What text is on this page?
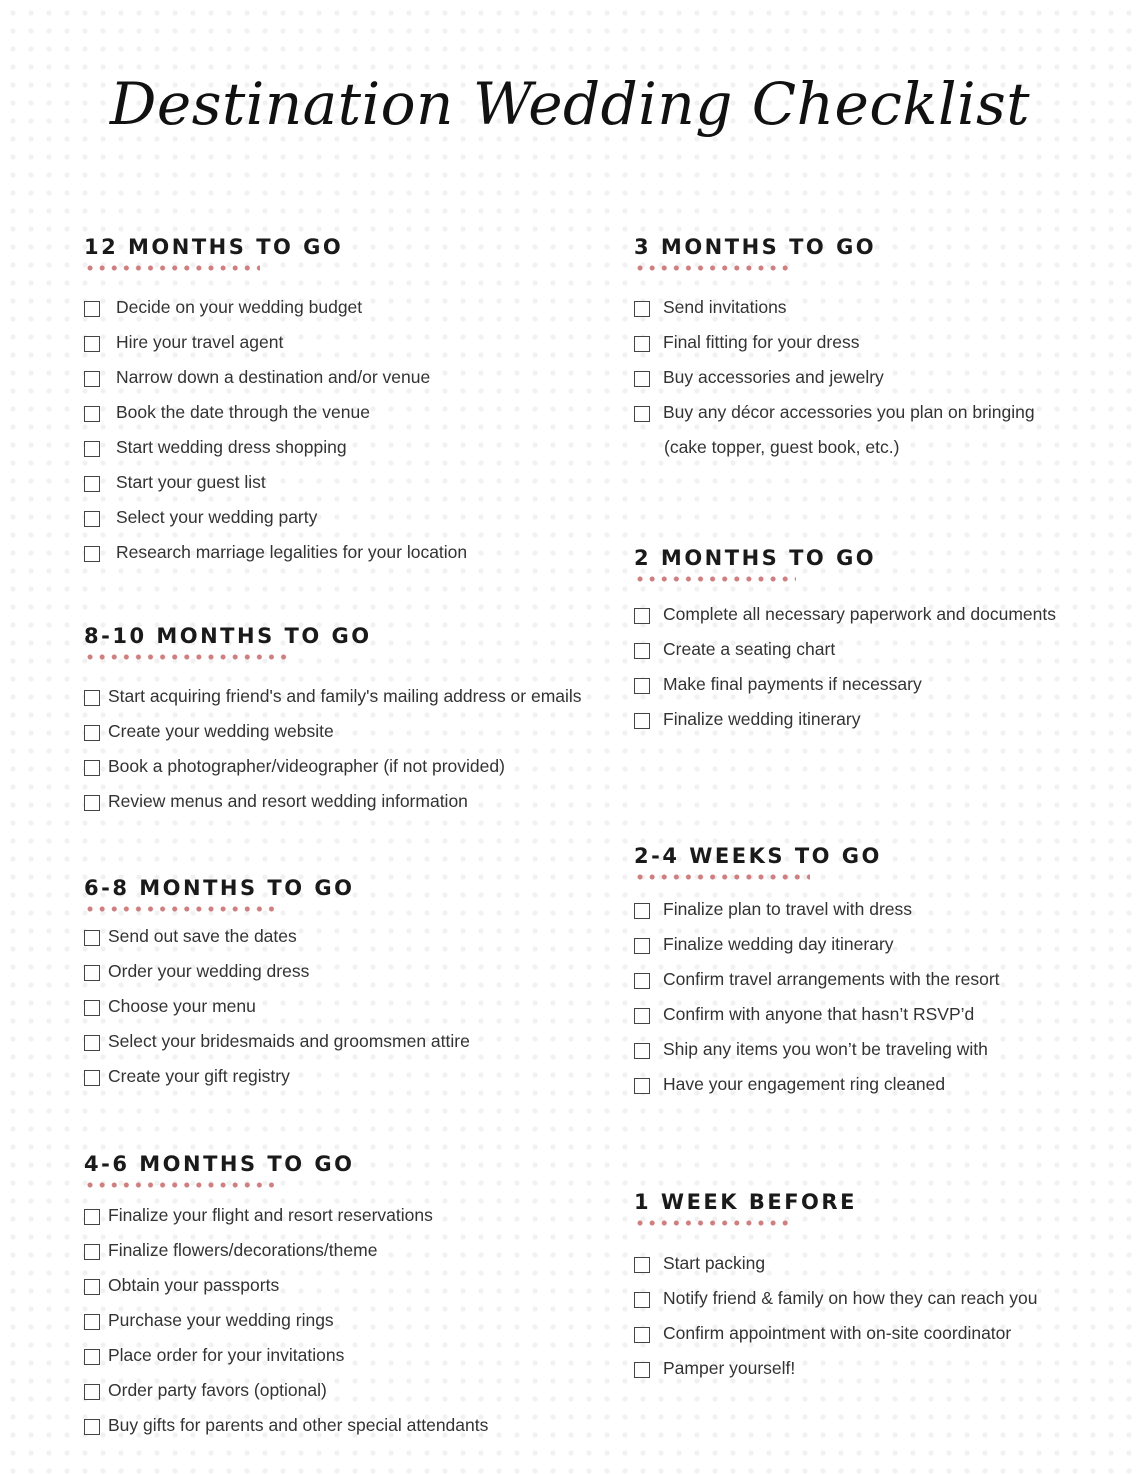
Destination Wedding Checklist
12 MONTHS TO GO
Decide on your wedding budget
Hire your travel agent
Narrow down a destination and/or venue
Book the date through the venue
Start wedding dress shopping
Start your guest list
Select your wedding party
Research marriage legalities for your location
8-10 MONTHS TO GO
Start acquiring friend's and family's mailing address or emails
Create your wedding website
Book a photographer/videographer (if not provided)
Review menus and resort wedding information
6-8 MONTHS TO GO
Send out save the dates
Order your wedding dress
Choose your menu
Select your bridesmaids and groomsmen attire
Create your gift registry
4-6 MONTHS TO GO
Finalize your flight and resort reservations
Finalize flowers/decorations/theme
Obtain your passports
Purchase your wedding rings
Place order for your invitations
Order party favors (optional)
Buy gifts for parents and other special attendants
3 MONTHS TO GO
Send invitations
Final fitting for your dress
Buy accessories and jewelry
Buy any décor accessories you plan on bringing
(cake topper, guest book, etc.)
2 MONTHS TO GO
Complete all necessary paperwork and documents
Create a seating chart
Make final payments if necessary
Finalize wedding itinerary
2-4 WEEKS TO GO
Finalize plan to travel with dress
Finalize wedding day itinerary
Confirm travel arrangements with the resort
Confirm with anyone that hasn’t RSVP’d
Ship any items you won’t be traveling with
Have your engagement ring cleaned
1 WEEK BEFORE
Start packing
Notify friend & family on how they can reach you
Confirm appointment with on-site coordinator
Pamper yourself!
